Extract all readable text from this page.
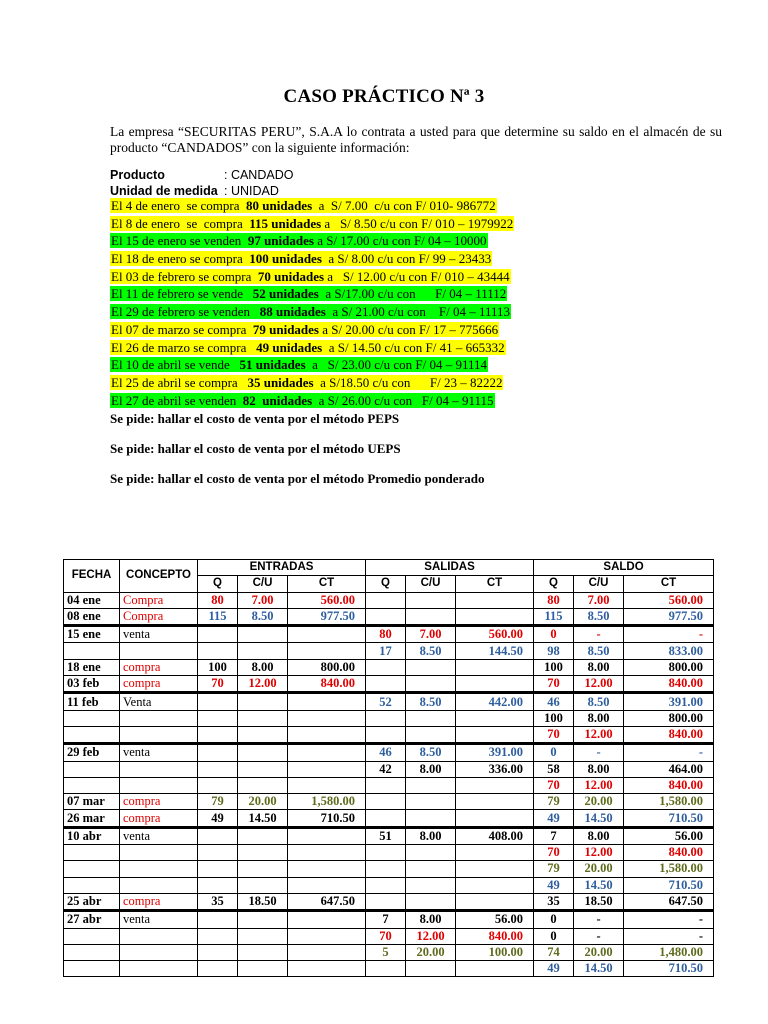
CASO PRÁCTICO Nª 3
La empresa “SECURITAS PERU”, S.A.A lo contrata a usted para que determine su saldo en el almacén de su producto “CANDADOS” con la siguiente información:
Producto	: CANDADO
Unidad de medida : UNIDAD
El 4 de enero  se compra  80 unidades  a  S/ 7.00  c/u con F/ 010- 986772
El 8 de enero  se  compra  115 unidades a   S/ 8.50 c/u con F/ 010 – 1979922
El 15 de enero se venden  97 unidades a S/ 17.00 c/u con F/ 04 – 10000
El 18 de enero se compra  100 unidades  a S/ 8.00 c/u con F/ 99 – 23433
El 03 de febrero se compra  70 unidades a   S/ 12.00 c/u con F/ 010 – 43444
El 11 de febrero se vende   52 unidades  a S/17.00 c/u con      F/ 04 – 11112
El 29 de febrero se venden   88 unidades  a S/ 21.00 c/u con    F/ 04 – 11113
El 07 de marzo se compra  79 unidades a S/ 20.00 c/u con F/ 17 – 775666
El 26 de marzo se compra   49 unidades  a S/ 14.50 c/u con F/ 41 – 665332
El 10 de abril se vende   51 unidades  a   S/ 23.00 c/u con F/ 04 – 91114
El 25 de abril se compra   35 unidades  a S/18.50 c/u con      F/ 23 – 82222
El 27 de abril se venden  82  unidades  a S/ 26.00 c/u con   F/ 04 – 91115
Se pide: hallar el costo de venta por el método PEPS
Se pide: hallar el costo de venta por el método UEPS
Se pide: hallar el costo de venta por el método Promedio ponderado
FECHA	CONCEPTO	ENTRADAS			SALIDAS			SALDO		
		Q	C/U	CT	Q	C/U	CT	Q	C/U	CT
04 ene	Compra	80	7.00	560.00				80	7.00	560.00
08 ene	Compra	115	8.50	977.50				115	8.50	977.50
15 ene	venta				80	7.00	560.00	0	-	-
					17	8.50	144.50	98	8.50	833.00
18 ene	compra	100	8.00	800.00				100	8.00	800.00
03 feb	compra	70	12.00	840.00				70	12.00	840.00
11 feb	Venta				52	8.50	442.00	46	8.50	391.00
								100	8.00	800.00
								70	12.00	840.00
29 feb	venta				46	8.50	391.00	0	-	-
					42	8.00	336.00	58	8.00	464.00
								70	12.00	840.00
07 mar	compra	79	20.00	1,580.00				79	20.00	1,580.00
26 mar	compra	49	14.50	710.50				49	14.50	710.50
10 abr	venta				51	8.00	408.00	7	8.00	56.00
								70	12.00	840.00
								79	20.00	1,580.00
								49	14.50	710.50
25 abr	compra	35	18.50	647.50				35	18.50	647.50
27 abr	venta				7	8.00	56.00	0	-	-
					70	12.00	840.00	0	-	-
					5	20.00	100.00	74	20.00	1,480.00
								49	14.50	710.50
